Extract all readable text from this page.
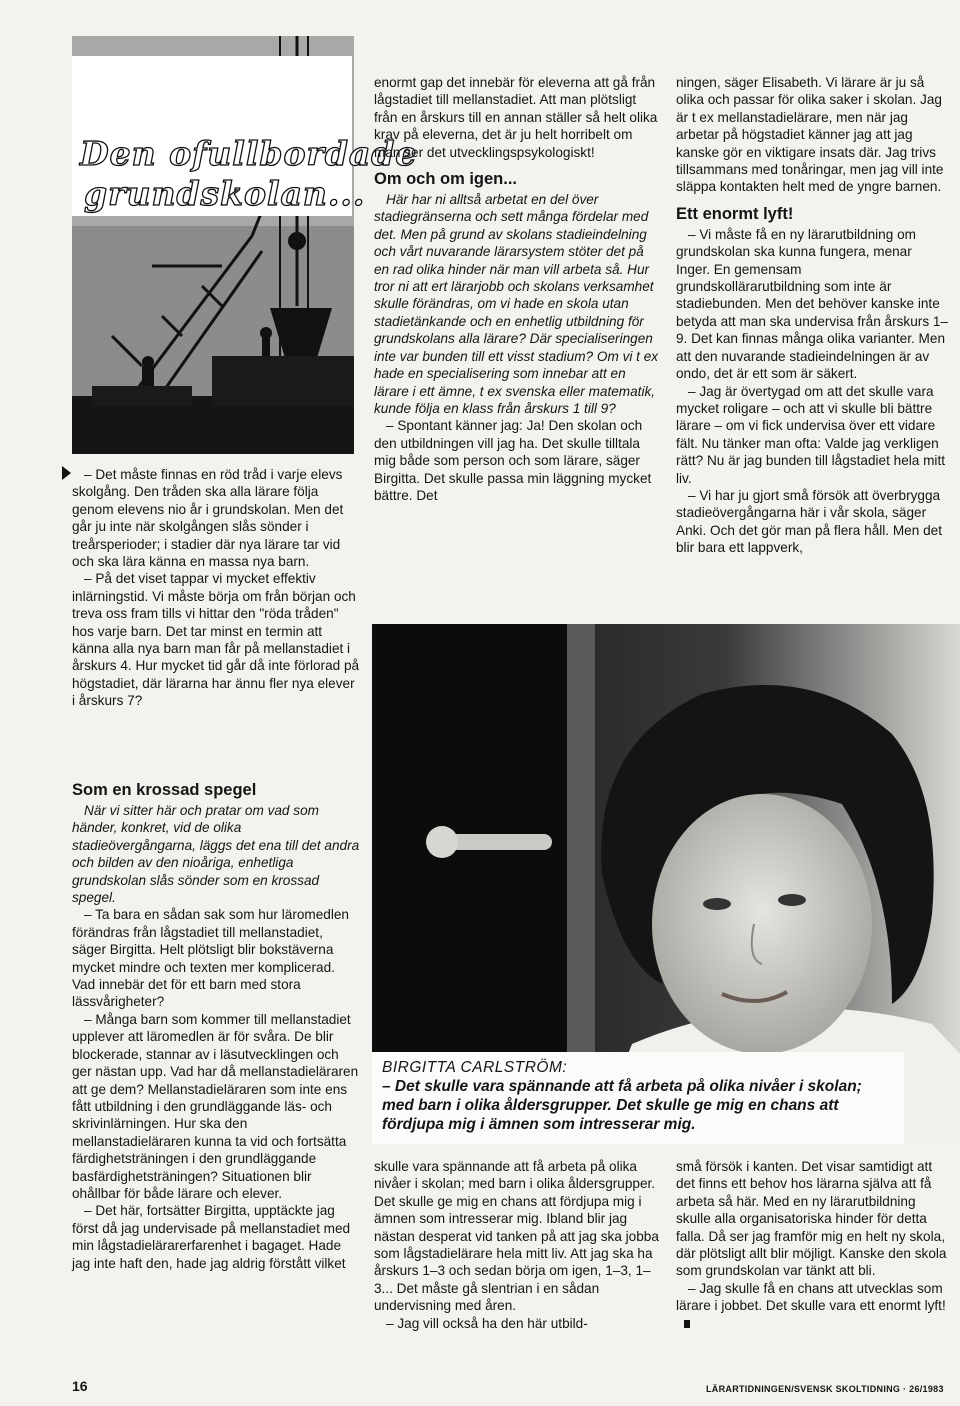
Den ofullbordade
grundskolan...

– Det måste finnas en röd tråd i varje elevs skolgång. Den tråden ska alla lärare följa genom elevens nio år i grundskolan. Men det går ju inte när skolgången slås sönder i treårsperioder; i stadier där nya lärare tar vid och ska lära känna en massa nya barn.

– På det viset tappar vi mycket effektiv inlärningstid. Vi måste börja om från början och treva oss fram tills vi hittar den "röda tråden" hos varje barn. Det tar minst en termin att känna alla nya barn man får på mellanstadiet i årskurs 4. Hur mycket tid går då inte förlorad på högstadiet, där lärarna har ännu fler nya elever i årskurs 7?

Som en krossad spegel

När vi sitter här och pratar om vad som händer, konkret, vid de olika stadieövergångarna, läggs det ena till det andra och bilden av den nioåriga, enhetliga grundskolan slås sönder som en krossad spegel.

– Ta bara en sådan sak som hur läromedlen förändras från lågstadiet till mellanstadiet, säger Birgitta. Helt plötsligt blir bokstäverna mycket mindre och texten mer komplicerad. Vad innebär det för ett barn med stora lässvårigheter?

– Många barn som kommer till mellanstadiet upplever att läromedlen är för svåra. De blir blockerade, stannar av i läsutvecklingen och ger nästan upp. Vad har då mellanstadieläraren att ge dem? Mellanstadieläraren som inte ens fått utbildning i den grundläggande läs- och skrivinlärningen. Hur ska den mellanstadieläraren kunna ta vid och fortsätta färdighetsträningen i den grundläggande basfärdighetsträningen? Situationen blir ohållbar för både lärare och elever.

– Det här, fortsätter Birgitta, upptäckte jag först då jag undervisade på mellanstadiet med min lågstadielärarerfarenhet i bagaget. Hade jag inte haft den, hade jag aldrig förstått vilket

enormt gap det innebär för eleverna att gå från lågstadiet till mellanstadiet. Att man plötsligt från en årskurs till en annan ställer så helt olika krav på eleverna, det är ju helt horribelt om man ser det utvecklingspsykologiskt!

Om och om igen...

Här har ni alltså arbetat en del över stadiegränserna och sett många fördelar med det. Men på grund av skolans stadieindelning och vårt nuvarande lärarsystem stöter det på en rad olika hinder när man vill arbeta så. Hur tror ni att ert lärarjobb och skolans verksamhet skulle förändras, om vi hade en skola utan stadietänkande och en enhetlig utbildning för grundskolans alla lärare? Där specialiseringen inte var bunden till ett visst stadium? Om vi t ex hade en specialisering som innebar att en lärare i ett ämne, t ex svenska eller matematik, kunde följa en klass från årskurs 1 till 9?

– Spontant känner jag: Ja! Den skolan och den utbildningen vill jag ha. Det skulle tilltala mig både som person och som lärare, säger Birgitta. Det skulle passa min läggning mycket bättre. Det

ningen, säger Elisabeth. Vi lärare är ju så olika och passar för olika saker i skolan. Jag är t ex mellanstadielärare, men när jag arbetar på högstadiet känner jag att jag kanske gör en viktigare insats där. Jag trivs tillsammans med tonåringar, men jag vill inte släppa kontakten helt med de yngre barnen.

Ett enormt lyft!

– Vi måste få en ny lärarutbildning om grundskolan ska kunna fungera, menar Inger. En gemensam grundskollärarutbildning som inte är stadiebunden. Men det behöver kanske inte betyda att man ska undervisa från årskurs 1–9. Det kan finnas många olika varianter. Men att den nuvarande stadieindelningen är av ondo, det är ett som är säkert.

– Jag är övertygad om att det skulle vara mycket roligare – och att vi skulle bli bättre lärare – om vi fick undervisa över ett vidare fält. Nu tänker man ofta: Valde jag verkligen rätt? Nu är jag bunden till lågstadiet hela mitt liv.

– Vi har ju gjort små försök att överbrygga stadieövergångarna här i vår skola, säger Anki. Och det gör man på flera håll. Men det blir bara ett lappverk,

BIRGITTA CARLSTRÖM:
– Det skulle vara spännande att få arbeta på olika nivåer i skolan; med barn i olika åldersgrupper. Det skulle ge mig en chans att fördjupa mig i ämnen som intresserar mig.

skulle vara spännande att få arbeta på olika nivåer i skolan; med barn i olika åldersgrupper. Det skulle ge mig en chans att fördjupa mig i ämnen som intresserar mig. Ibland blir jag nästan desperat vid tanken på att jag ska jobba som lågstadielärare hela mitt liv. Att jag ska ha årskurs 1–3 och sedan börja om igen, 1–3, 1–3... Det måste gå slentrian i en sådan undervisning med åren.

– Jag vill också ha den här utbild-

små försök i kanten. Det visar samtidigt att det finns ett behov hos lärarna själva att få arbeta så här. Med en ny lärarutbildning skulle alla organisatoriska hinder för detta falla. Då ser jag framför mig en helt ny skola, där plötsligt allt blir möjligt. Kanske den skola som grundskolan var tänkt att bli.

– Jag skulle få en chans att utvecklas som lärare i jobbet. Det skulle vara ett enormt lyft!

16	LÄRARTIDNINGEN/SVENSK SKOLTIDNING · 26/1983
